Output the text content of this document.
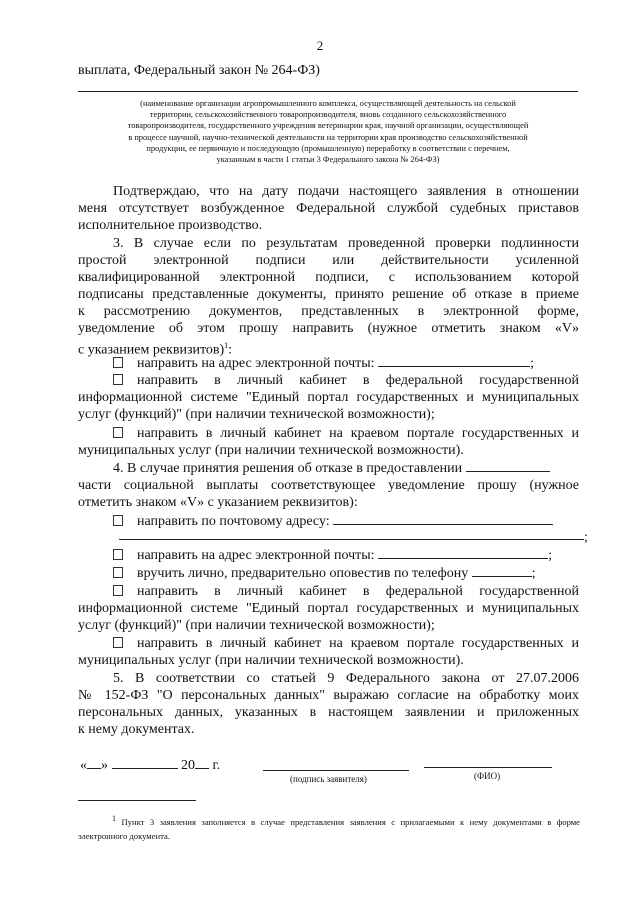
2
выплата, Федеральный закон № 264-ФЗ)
(наименование организации агропромышленного комплекса, осуществляющей деятельность на сельской
территории, сельскохозяйственного товаропроизводителя, вновь созданного сельскохозяйственного
товаропроизводителя, государственного учреждения ветеринарии края, научной организации, осуществляющей
в процессе научной, научно-технической деятельности на территории края производство сельскохозяйственной
продукции, ее первичную и последующую (промышленную) переработку в соответствии с перечнем,
указанным в части 1 статьи 3 Федерального закона № 264-ФЗ)
Подтверждаю, что на дату подачи настоящего заявления в отношении
меня отсутствует возбужденное Федеральной службой судебных приставов
исполнительное производство.
3. В случае если по результатам проведенной проверки подлинности
простой электронной подписи или действительности усиленной
квалифицированной электронной подписи, с использованием которой
подписаны представленные документы, принято решение об отказе в приеме
к рассмотрению документов, представленных в электронной форме,
уведомление об этом прошу направить (нужное отметить знаком «V»
с указанием реквизитов)$^1$:
направить на адрес электронной почты:	;
направить в личный кабинет в федеральной государственной
информационной системе "Единый портал государственных и муниципальных
услуг (функций)" (при наличии технической возможности);
направить в личный кабинет на краевом портале государственных и
муниципальных услуг (при наличии технической возможности).
4. В случае принятия решения об отказе в предоставлении
части социальной выплаты соответствующее уведомление прошу (нужное
отметить знаком «V» с указанием реквизитов):
направить по почтовому адресу:
;
направить на адрес электронной почты:	;
вручить лично, предварительно оповестив по телефону	;
направить в личный кабинет в федеральной государственной
информационной системе "Единый портал государственных и муниципальных
услуг (функций)" (при наличии технической возможности);
направить в личный кабинет на краевом портале государственных и
муниципальных услуг (при наличии технической возможности).
5. В соответствии со статьей 9 Федерального закона от 27.07.2006
№ 152-ФЗ "О персональных данных" выражаю согласие на обработку моих
персональных данных, указанных в настоящем заявлении и приложенных
к нему документах.
« »	20 г.
(подпись заявителя)	(ФИО)
$^1$ Пункт 3 заявления заполняется в случае представления заявления с прилагаемыми к нему документами в форме электронного документа.
